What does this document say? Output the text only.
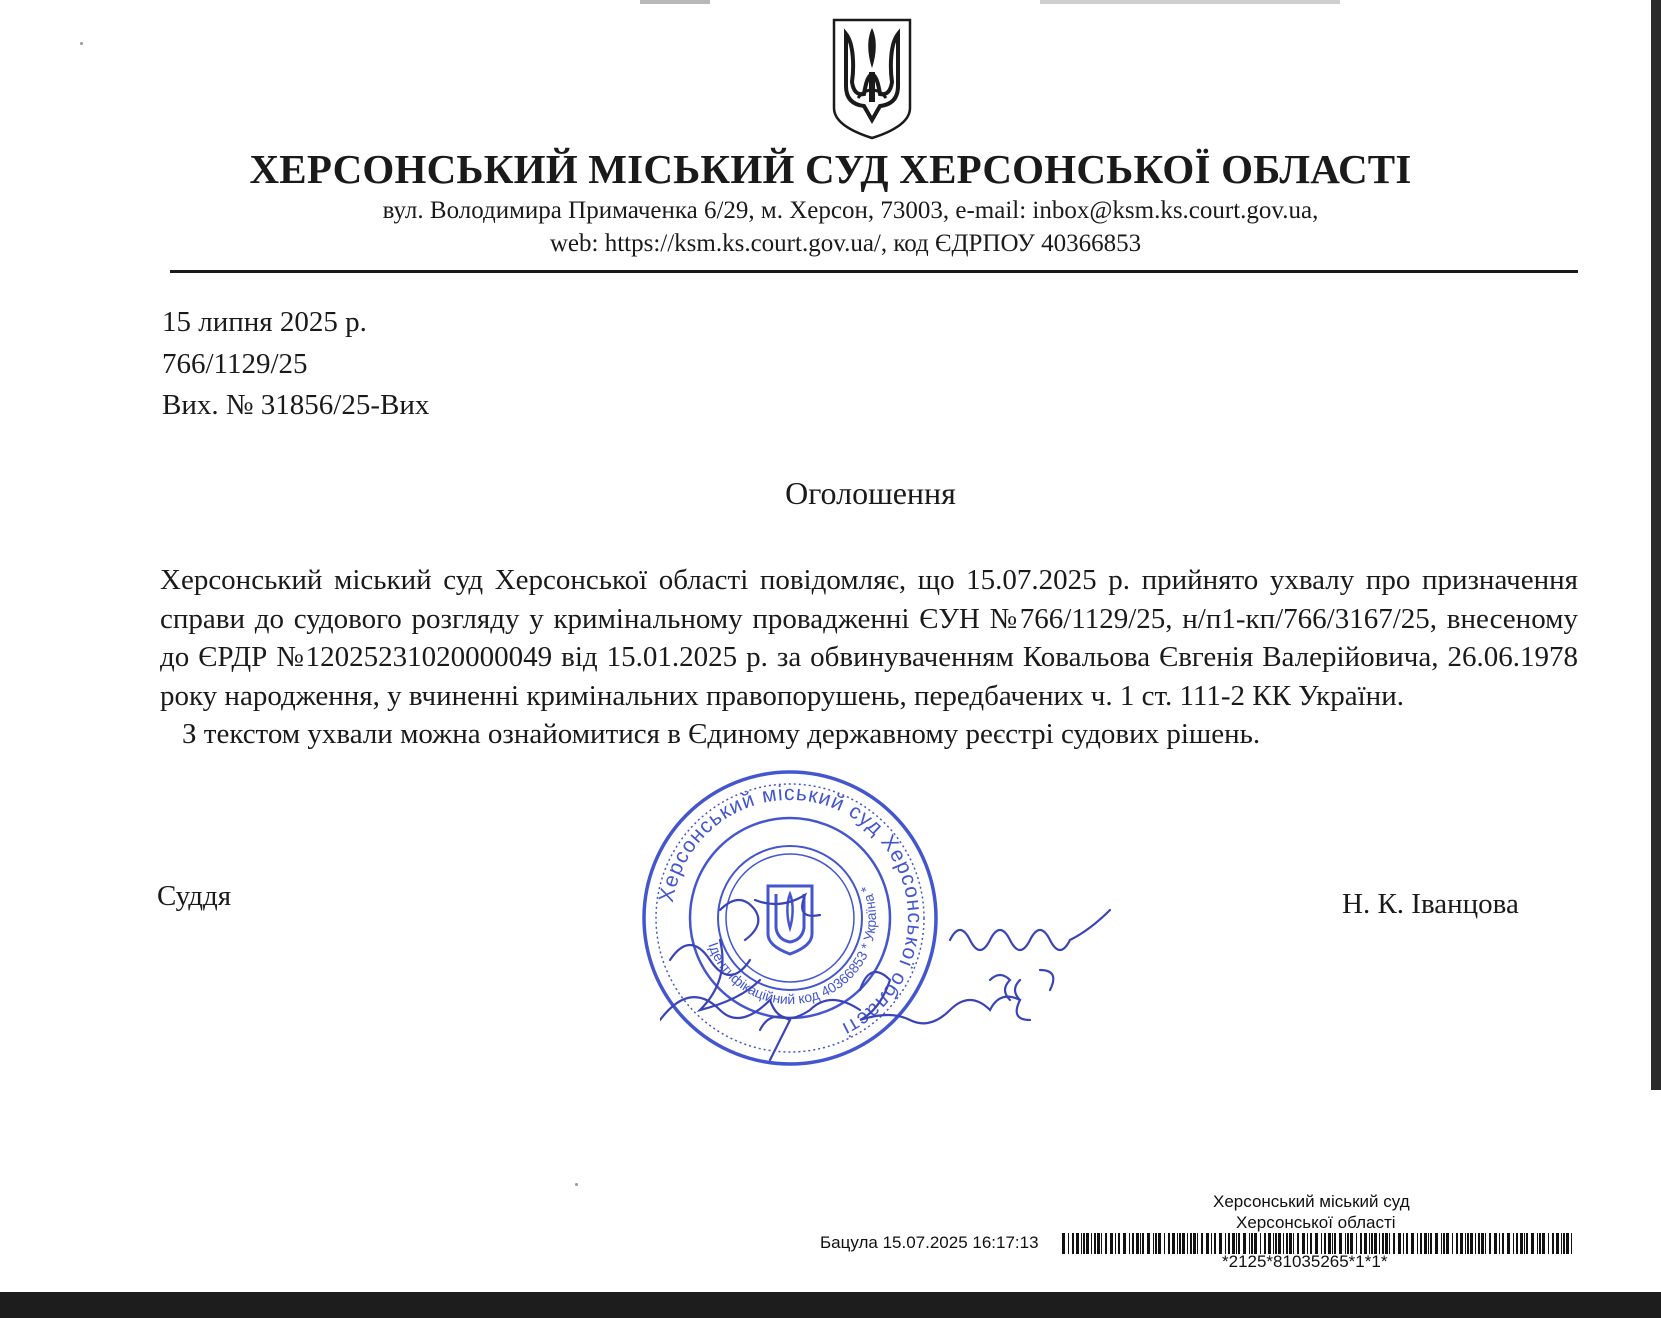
ХЕРСОНСЬКИЙ МІСЬКИЙ СУД ХЕРСОНСЬКОЇ ОБЛАСТІ
вул. Володимира Примаченка 6/29, м. Херсон, 73003, e-mail: inbox@ksm.ks.court.gov.ua,
web: https://ksm.ks.court.gov.ua/, код ЄДРПОУ 40366853
15 липня 2025 р.
766/1129/25
Вих. № 31856/25-Вих
Оголошення

Херсонський міський суд Херсонської області повідомляє, що 15.07.2025 р. прийнято ухвалу про призначення справи до судового розгляду у кримінальному провадженні ЄУН №766/1129/25, н/п1-кп/766/3167/25, внесеному до ЄРДР №12025231020000049 від 15.01.2025 р. за обвинуваченням Ковальова Євгенія Валерійовича, 26.06.1978 року народження, у вчиненні кримінальних правопорушень, передбачених ч. 1 ст. 111-2 КК України.

З текстом ухвали можна ознайомитися в Єдиному державному реєстрі судових рішень.

Суддя	Н. К. Іванцова
Херсонський міський суд Херсонської області
Ідентифікаційний код 40366853 * Україна *
Херсонський міський суд
Херсонської області
Бацула 15.07.2025 16:17:13
*2125*81035265*1*1*
